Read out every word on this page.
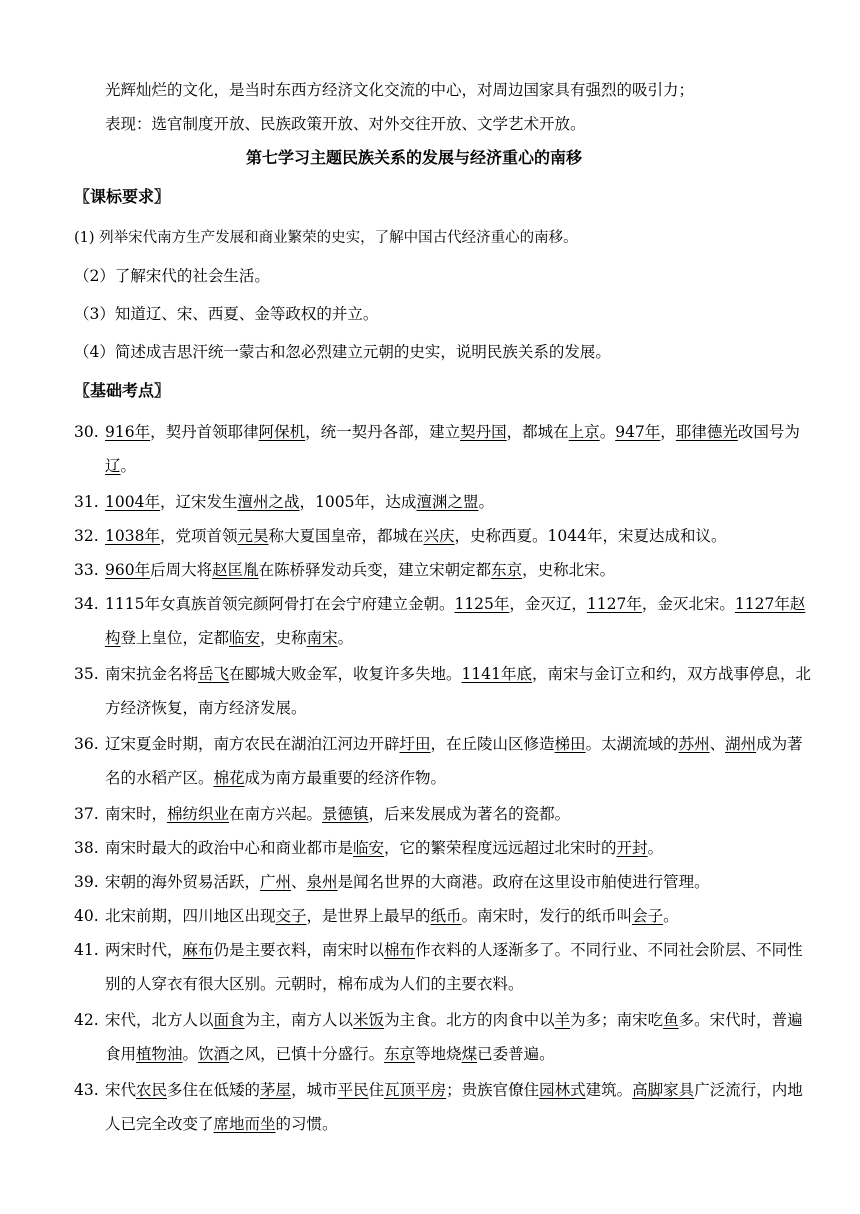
光辉灿烂的文化，是当时东西方经济文化交流的中心，对周边国家具有强烈的吸引力；
表现：选官制度开放、民族政策开放、对外交往开放、文学艺术开放。
第七学习主题民族关系的发展与经济重心的南移
〖课标要求〗
(1) 列举宋代南方生产发展和商业繁荣的史实，了解中国古代经济重心的南移。
（2）了解宋代的社会生活。
（3）知道辽、宋、西夏、金等政权的并立。
（4）简述成吉思汗统一蒙古和忽必烈建立元朝的史实，说明民族关系的发展。
〖基础考点〗
30. 916年，契丹首领耶律阿保机，统一契丹各部，建立契丹国，都城在上京。947年，耶律德光改国号为辽。
31. 1004年，辽宋发生澶州之战，1005年，达成澶渊之盟。
32. 1038年，党项首领元昊称大夏国皇帝，都城在兴庆，史称西夏。1044年，宋夏达成和议。
33. 960年后周大将赵匡胤在陈桥驿发动兵变，建立宋朝定都东京，史称北宋。
34. 1115年女真族首领完颜阿骨打在会宁府建立金朝。1125年，金灭辽，1127年，金灭北宋。1127年赵构登上皇位，定都临安，史称南宋。
35. 南宋抗金名将岳飞在郾城大败金军，收复许多失地。1141年底，南宋与金订立和约，双方战事停息，北方经济恢复，南方经济发展。
36. 辽宋夏金时期，南方农民在湖泊江河边开辟圩田，在丘陵山区修造梯田。太湖流域的苏州、湖州成为著名的水稻产区。棉花成为南方最重要的经济作物。
37. 南宋时，棉纺织业在南方兴起。景德镇，后来发展成为著名的瓷都。
38. 南宋时最大的政治中心和商业都市是临安，它的繁荣程度远远超过北宋时的开封。
39. 宋朝的海外贸易活跃，广州、泉州是闻名世界的大商港。政府在这里设市舶使进行管理。
40. 北宋前期，四川地区出现交子，是世界上最早的纸币。南宋时，发行的纸币叫会子。
41. 两宋时代，麻布仍是主要衣料，南宋时以棉布作衣料的人逐渐多了。不同行业、不同社会阶层、不同性别的人穿衣有很大区别。元朝时，棉布成为人们的主要衣料。
42. 宋代，北方人以面食为主，南方人以米饭为主食。北方的肉食中以羊为多；南宋吃鱼多。宋代时，普遍食用植物油。饮酒之风，已慎十分盛行。东京等地烧煤已委普遍。
43. 宋代农民多住在低矮的茅屋，城市平民住瓦顶平房；贵族官僚住园林式建筑。高脚家具广泛流行，内地人已完全改变了席地而坐的习惯。
